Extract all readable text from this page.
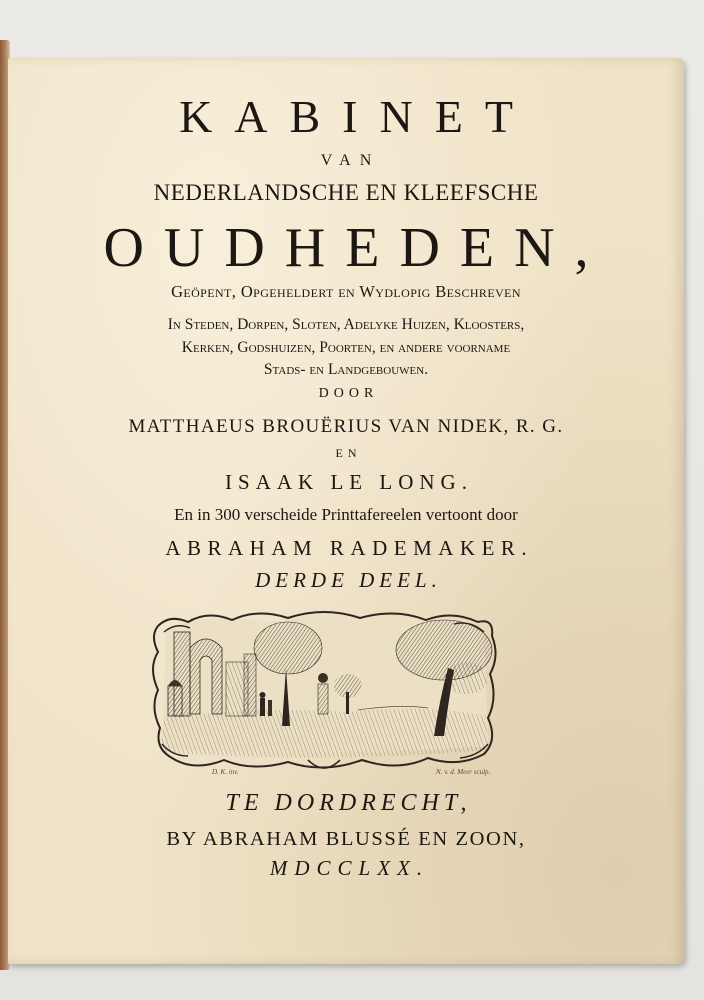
KABINET

VAN

NEDERLANDSCHE EN KLEEFSCHE

OUDHEDEN,

Geöpent, Opgeheldert en Wydlopig Beschreven

In Steden, Dorpen, Sloten, Adelyke Huizen, Kloosters,

Kerken, Godshuizen, Poorten, en andere voorname

Stads- en Landgebouwen.

DOOR

MATTHAEUS BROUËRIUS VAN NIDEK, R. G.

EN

ISAAK LE LONG.

En in 300 verscheide Printtafereelen vertoont door

ABRAHAM RADEMAKER.

DERDE DEEL.

D. K. inv.	N. v. d. Meer sculp.

TE DORDRECHT,

BY ABRAHAM BLUSSÉ EN ZOON,

MDCCLXX.
